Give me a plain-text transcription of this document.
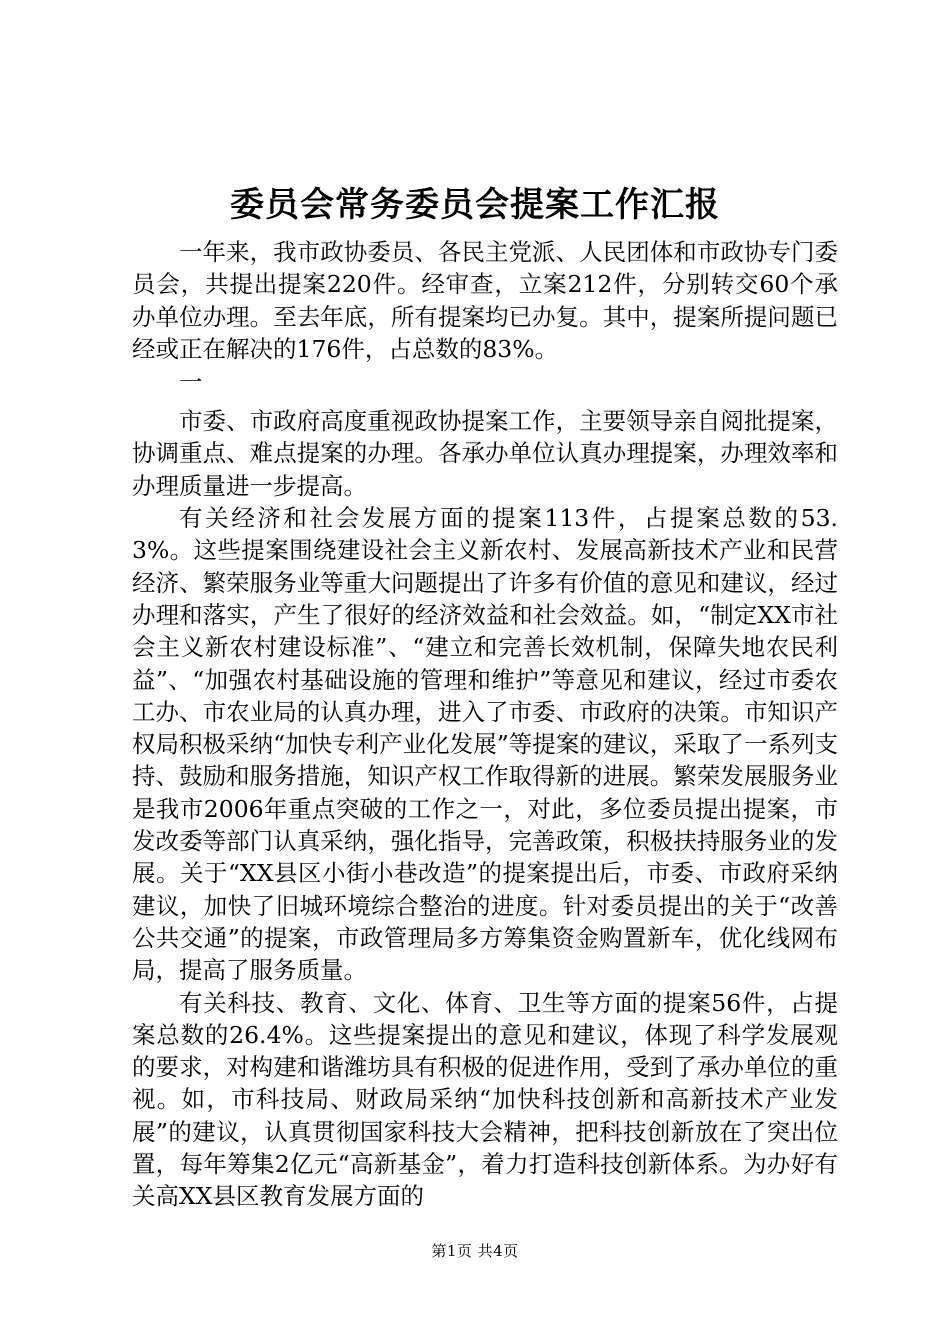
委员会常务委员会提案工作汇报

一年来，我市政协委员、各民主党派、人民团体和市政协专门委员会，共提出提案220件。经审查，立案212件，分别转交60个承办单位办理。至去年底，所有提案均已办复。其中，提案所提问题已经或正在解决的176件，占总数的83%。

一

市委、市政府高度重视政协提案工作，主要领导亲自阅批提案，协调重点、难点提案的办理。各承办单位认真办理提案，办理效率和办理质量进一步提高。

有关经济和社会发展方面的提案113件，占提案总数的53.3%。这些提案围绕建设社会主义新农村、发展高新技术产业和民营经济、繁荣服务业等重大问题提出了许多有价值的意见和建议，经过办理和落实，产生了很好的经济效益和社会效益。如，“制定XX市社会主义新农村建设标准”、“建立和完善长效机制，保障失地农民利益”、“加强农村基础设施的管理和维护”等意见和建议，经过市委农工办、市农业局的认真办理，进入了市委、市政府的决策。市知识产权局积极采纳“加快专利产业化发展”等提案的建议，采取了一系列支持、鼓励和服务措施，知识产权工作取得新的进展。繁荣发展服务业是我市2006年重点突破的工作之一，对此，多位委员提出提案，市发改委等部门认真采纳，强化指导，完善政策，积极扶持服务业的发展。关于“XX县区小街小巷改造”的提案提出后，市委、市政府采纳建议，加快了旧城环境综合整治的进度。针对委员提出的关于“改善公共交通”的提案，市政管理局多方筹集资金购置新车，优化线网布局，提高了服务质量。

有关科技、教育、文化、体育、卫生等方面的提案56件，占提案总数的26.4%。这些提案提出的意见和建议，体现了科学发展观的要求，对构建和谐潍坊具有积极的促进作用，受到了承办单位的重视。如，市科技局、财政局采纳“加快科技创新和高新技术产业发展”的建议，认真贯彻国家科技大会精神，把科技创新放在了突出位置，每年筹集2亿元“高新基金”，着力打造科技创新体系。为办好有关高XX县区教育发展方面的

第1页 共4页
